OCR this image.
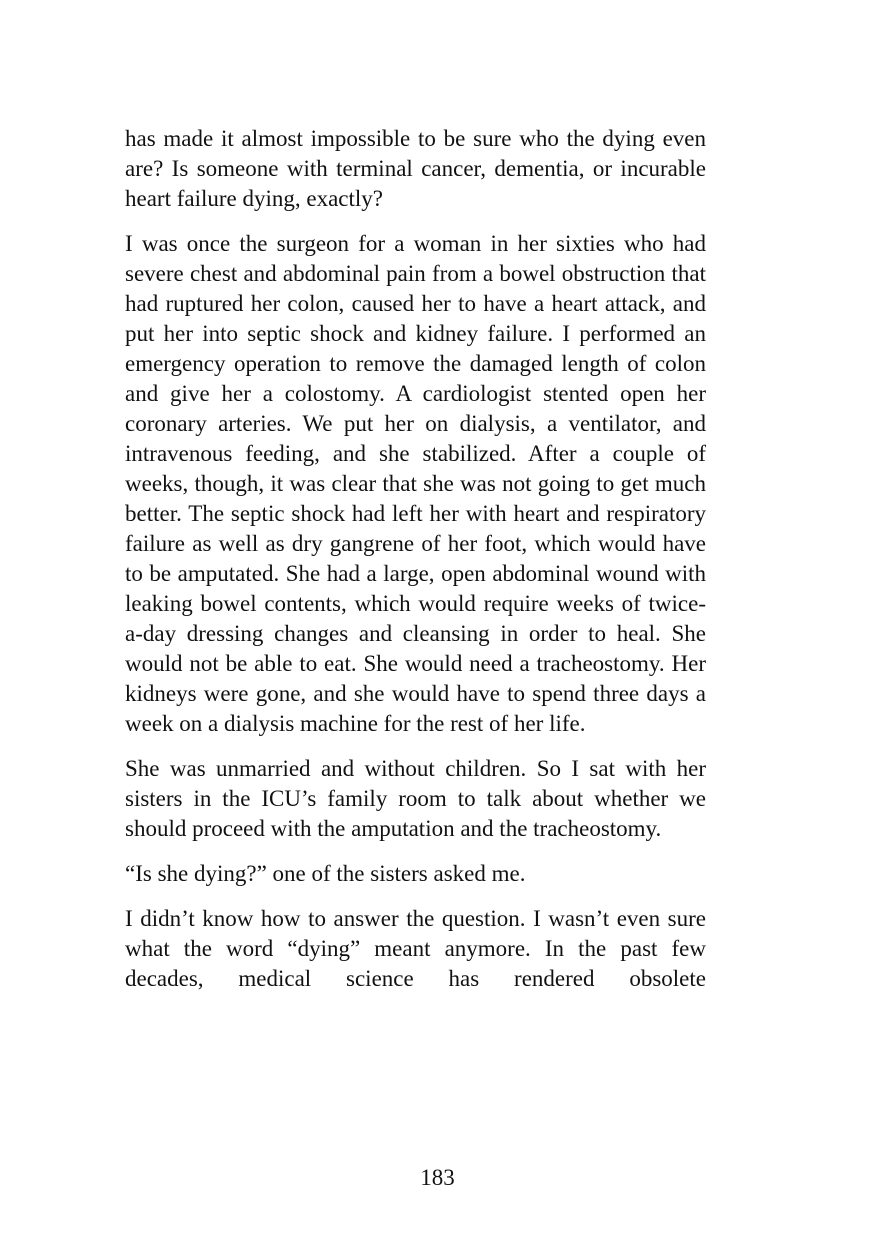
has made it almost impossible to be sure who the dying even are? Is someone with terminal cancer, dementia, or incurable heart failure dying, exactly?

I was once the surgeon for a woman in her sixties who had severe chest and abdominal pain from a bowel obstruction that had ruptured her colon, caused her to have a heart attack, and put her into septic shock and kidney failure. I performed an emergency operation to remove the damaged length of colon and give her a colostomy. A cardiologist stented open her coronary arteries. We put her on dialysis, a ventilator, and intravenous feeding, and she stabilized. After a couple of weeks, though, it was clear that she was not going to get much better. The septic shock had left her with heart and respiratory failure as well as dry gangrene of her foot, which would have to be amputated. She had a large, open abdominal wound with leaking bowel contents, which would require weeks of twice-a-day dressing changes and cleansing in order to heal. She would not be able to eat. She would need a tracheostomy. Her kidneys were gone, and she would have to spend three days a week on a dialysis machine for the rest of her life.

She was unmarried and without children. So I sat with her sisters in the ICU’s family room to talk about whether we should proceed with the amputation and the tracheostomy.

“Is she dying?” one of the sisters asked me.

I didn’t know how to answer the question. I wasn’t even sure what the word “dying” meant anymore. In the past few decades, medical science has rendered obsolete

183
